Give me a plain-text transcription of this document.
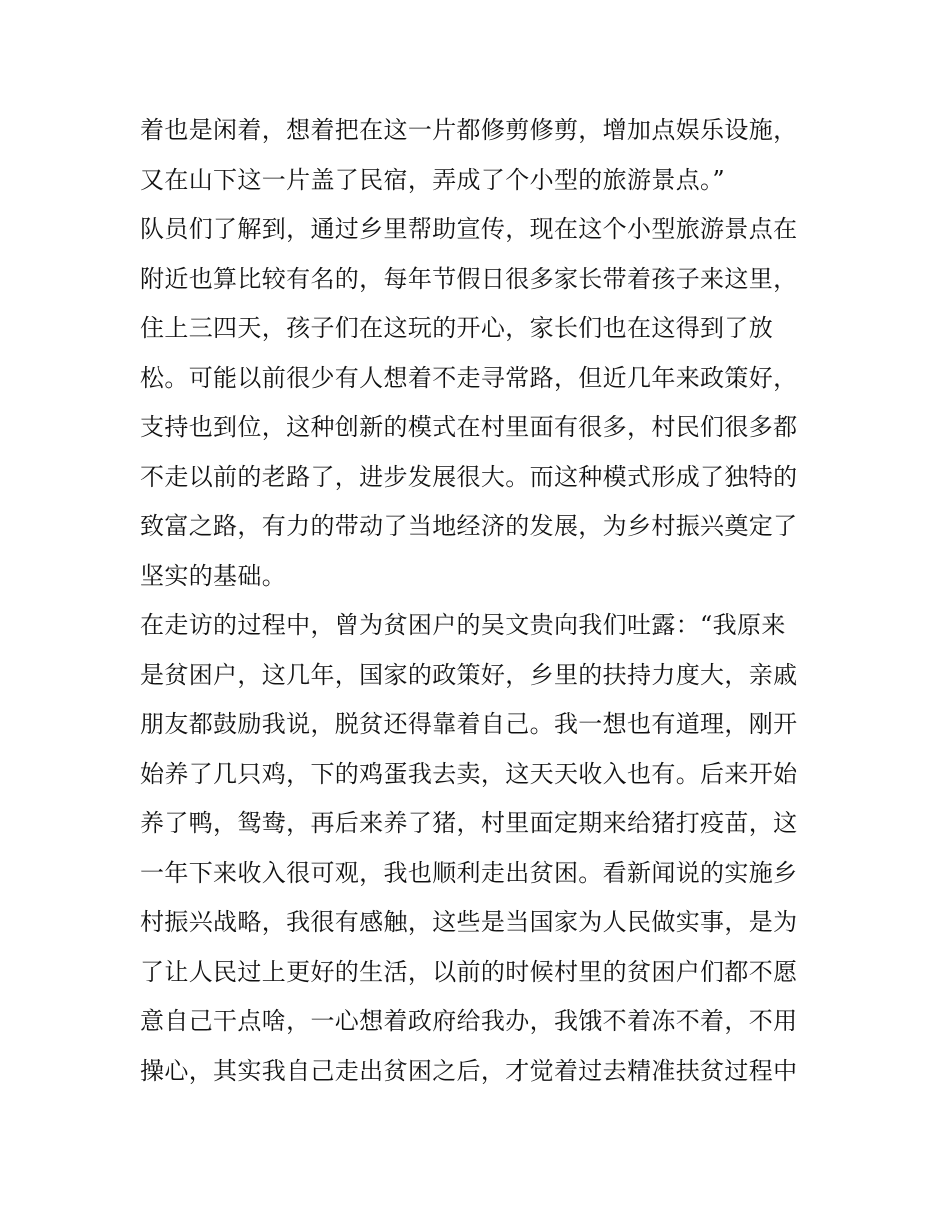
着也是闲着，想着把在这一片都修剪修剪，增加点娱乐设施，
又在山下这一片盖了民宿，弄成了个小型的旅游景点。”
队员们了解到，通过乡里帮助宣传，现在这个小型旅游景点在
附近也算比较有名的，每年节假日很多家长带着孩子来这里，
住上三四天，孩子们在这玩的开心，家长们也在这得到了放
松。可能以前很少有人想着不走寻常路，但近几年来政策好，
支持也到位，这种创新的模式在村里面有很多，村民们很多都
不走以前的老路了，进步发展很大。而这种模式形成了独特的
致富之路，有力的带动了当地经济的发展，为乡村振兴奠定了
坚实的基础。
在走访的过程中，曾为贫困户的吴文贵向我们吐露：“我原来
是贫困户，这几年，国家的政策好，乡里的扶持力度大，亲戚
朋友都鼓励我说，脱贫还得靠着自己。我一想也有道理，刚开
始养了几只鸡，下的鸡蛋我去卖，这天天收入也有。后来开始
养了鸭，鸳鸯，再后来养了猪，村里面定期来给猪打疫苗，这
一年下来收入很可观，我也顺利走出贫困。看新闻说的实施乡
村振兴战略，我很有感触，这些是当国家为人民做实事，是为
了让人民过上更好的生活，以前的时候村里的贫困户们都不愿
意自己干点啥，一心想着政府给我办，我饿不着冻不着，不用
操心，其实我自己走出贫困之后，才觉着过去精准扶贫过程中
